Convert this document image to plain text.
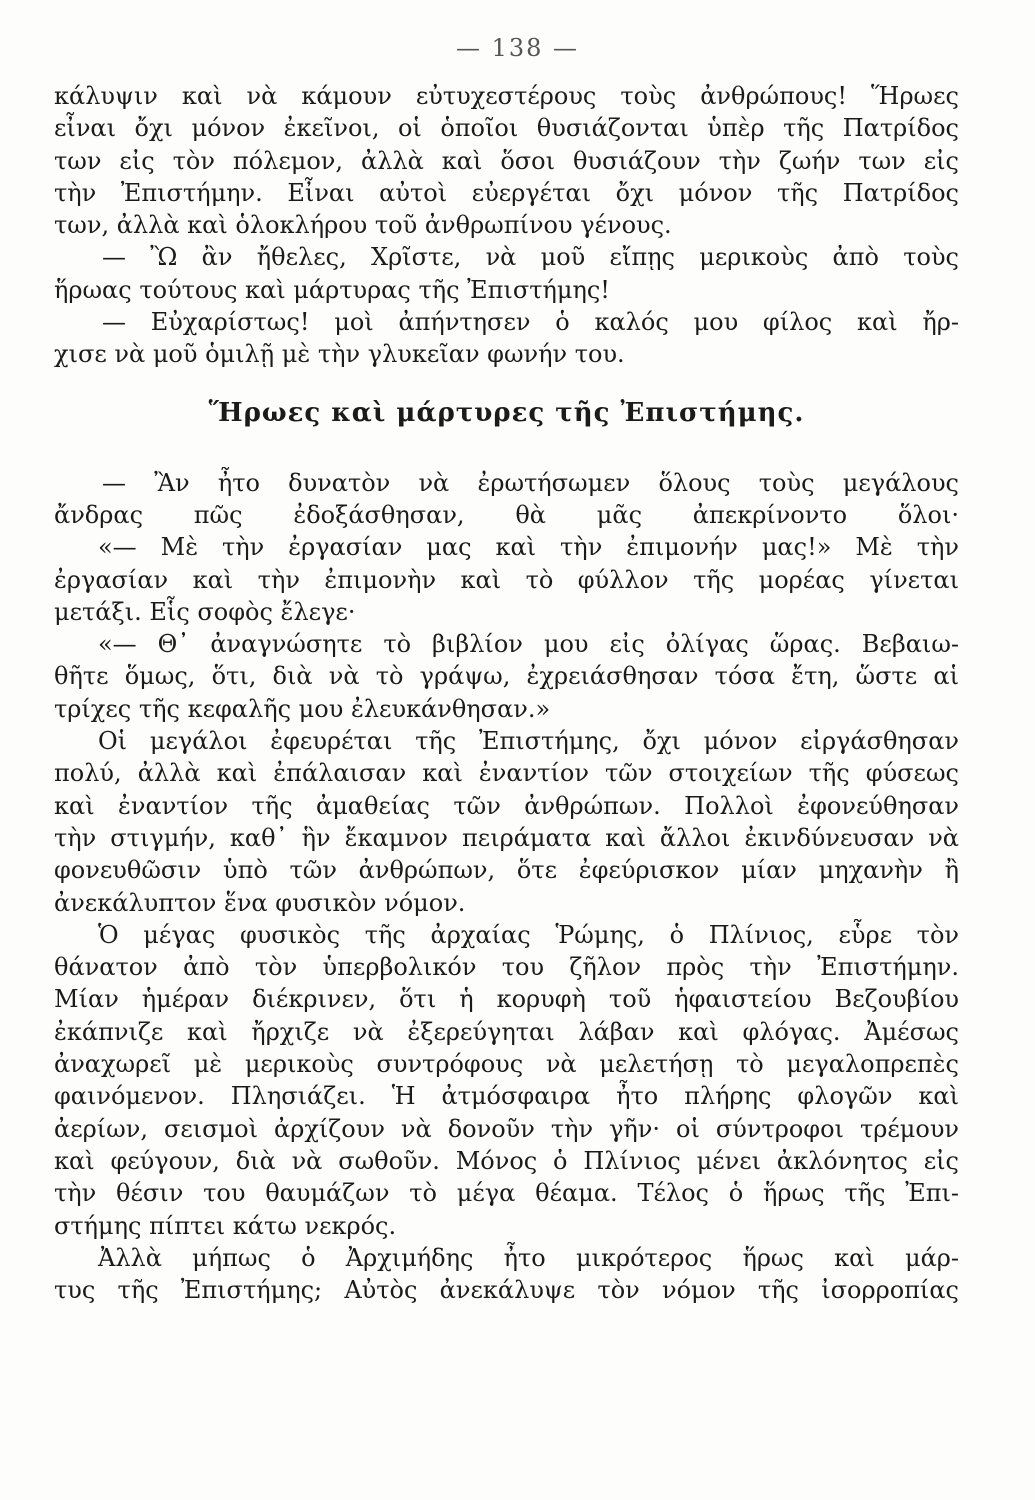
— 138 —
κάλυψιν καὶ νὰ κάμουν εὐτυχεστέρους τοὺς ἀνθρώπους! Ἥρωες
εἶναι ὄχι μόνον ἐκεῖνοι, οἱ ὁποῖοι θυσιάζονται ὑπὲρ τῆς Πατρίδος
των εἰς τὸν πόλεμον, ἀλλὰ καὶ ὅσοι θυσιάζουν τὴν ζωήν των εἰς
τὴν Ἐπιστήμην. Εἶναι αὐτοὶ εὐεργέται ὄχι μόνον τῆς Πατρίδος
των, ἀλλὰ καὶ ὁλοκλήρου τοῦ ἀνθρωπίνου γένους.
— Ὢ ἂν ἤθελες, Χρῖστε, νὰ μοῦ εἴπῃς μερικοὺς ἀπὸ τοὺς
ἥρωας τούτους καὶ μάρτυρας τῆς Ἐπιστήμης!
— Εὐχαρίστως! μοὶ ἀπήντησεν ὁ καλός μου φίλος καὶ ἤρ-
χισε νὰ μοῦ ὁμιλῇ μὲ τὴν γλυκεῖαν φωνήν του.
Ἥρωες καὶ μάρτυρες τῆς Ἐπιστήμης.
— Ἂν ἦτο δυνατὸν νὰ ἐρωτήσωμεν ὅλους τοὺς μεγάλους
ἄνδρας πῶς ἐδοξάσθησαν, θὰ μᾶς ἀπεκρίνοντο ὅλοι·
«— Μὲ τὴν ἐργασίαν μας καὶ τὴν ἐπιμονήν μας!» Μὲ τὴν
ἐργασίαν καὶ τὴν ἐπιμονὴν καὶ τὸ φύλλον τῆς μορέας γίνεται
μετάξι. Εἷς σοφὸς ἔλεγε·
«— Θ᾽ ἀναγνώσητε τὸ βιβλίον μου εἰς ὀλίγας ὥρας. Βεβαιω-
θῆτε ὅμως, ὅτι, διὰ νὰ τὸ γράψω, ἐχρειάσθησαν τόσα ἔτη, ὥστε αἱ
τρίχες τῆς κεφαλῆς μου ἐλευκάνθησαν.»
Οἱ μεγάλοι ἐφευρέται τῆς Ἐπιστήμης, ὄχι μόνον εἰργάσθησαν
πολύ, ἀλλὰ καὶ ἐπάλαισαν καὶ ἐναντίον τῶν στοιχείων τῆς φύσεως
καὶ ἐναντίον τῆς ἀμαθείας τῶν ἀνθρώπων. Πολλοὶ ἐφονεύθησαν
τὴν στιγμήν, καθ᾽ ἣν ἔκαμνον πειράματα καὶ ἄλλοι ἐκινδύνευσαν νὰ
φονευθῶσιν ὑπὸ τῶν ἀνθρώπων, ὅτε ἐφεύρισκον μίαν μηχανὴν ἢ
ἀνεκάλυπτον ἕνα φυσικὸν νόμον.
Ὁ μέγας φυσικὸς τῆς ἀρχαίας Ῥώμης, ὁ Πλίνιος, εὗρε τὸν
θάνατον ἀπὸ τὸν ὑπερβολικόν του ζῆλον πρὸς τὴν Ἐπιστήμην.
Μίαν ἡμέραν διέκρινεν, ὅτι ἡ κορυφὴ τοῦ ἡφαιστείου Βεζουβίου
ἐκάπνιζε καὶ ἤρχιζε νὰ ἐξερεύγηται λάβαν καὶ φλόγας. Ἀμέσως
ἀναχωρεῖ μὲ μερικοὺς συντρόφους νὰ μελετήσῃ τὸ μεγαλοπρεπὲς
φαινόμενον. Πλησιάζει. Ἡ ἀτμόσφαιρα ἦτο πλήρης φλογῶν καὶ
ἀερίων, σεισμοὶ ἀρχίζουν νὰ δονοῦν τὴν γῆν· οἱ σύντροφοι τρέμουν
καὶ φεύγουν, διὰ νὰ σωθοῦν. Μόνος ὁ Πλίνιος μένει ἀκλόνητος εἰς
τὴν θέσιν του θαυμάζων τὸ μέγα θέαμα. Τέλος ὁ ἥρως τῆς Ἐπι-
στήμης πίπτει κάτω νεκρός.
Ἀλλὰ μήπως ὁ Ἀρχιμήδης ἦτο μικρότερος ἥρως καὶ μάρ-
τυς τῆς Ἐπιστήμης; Αὐτὸς ἀνεκάλυψε τὸν νόμον τῆς ἰσορροπίας
